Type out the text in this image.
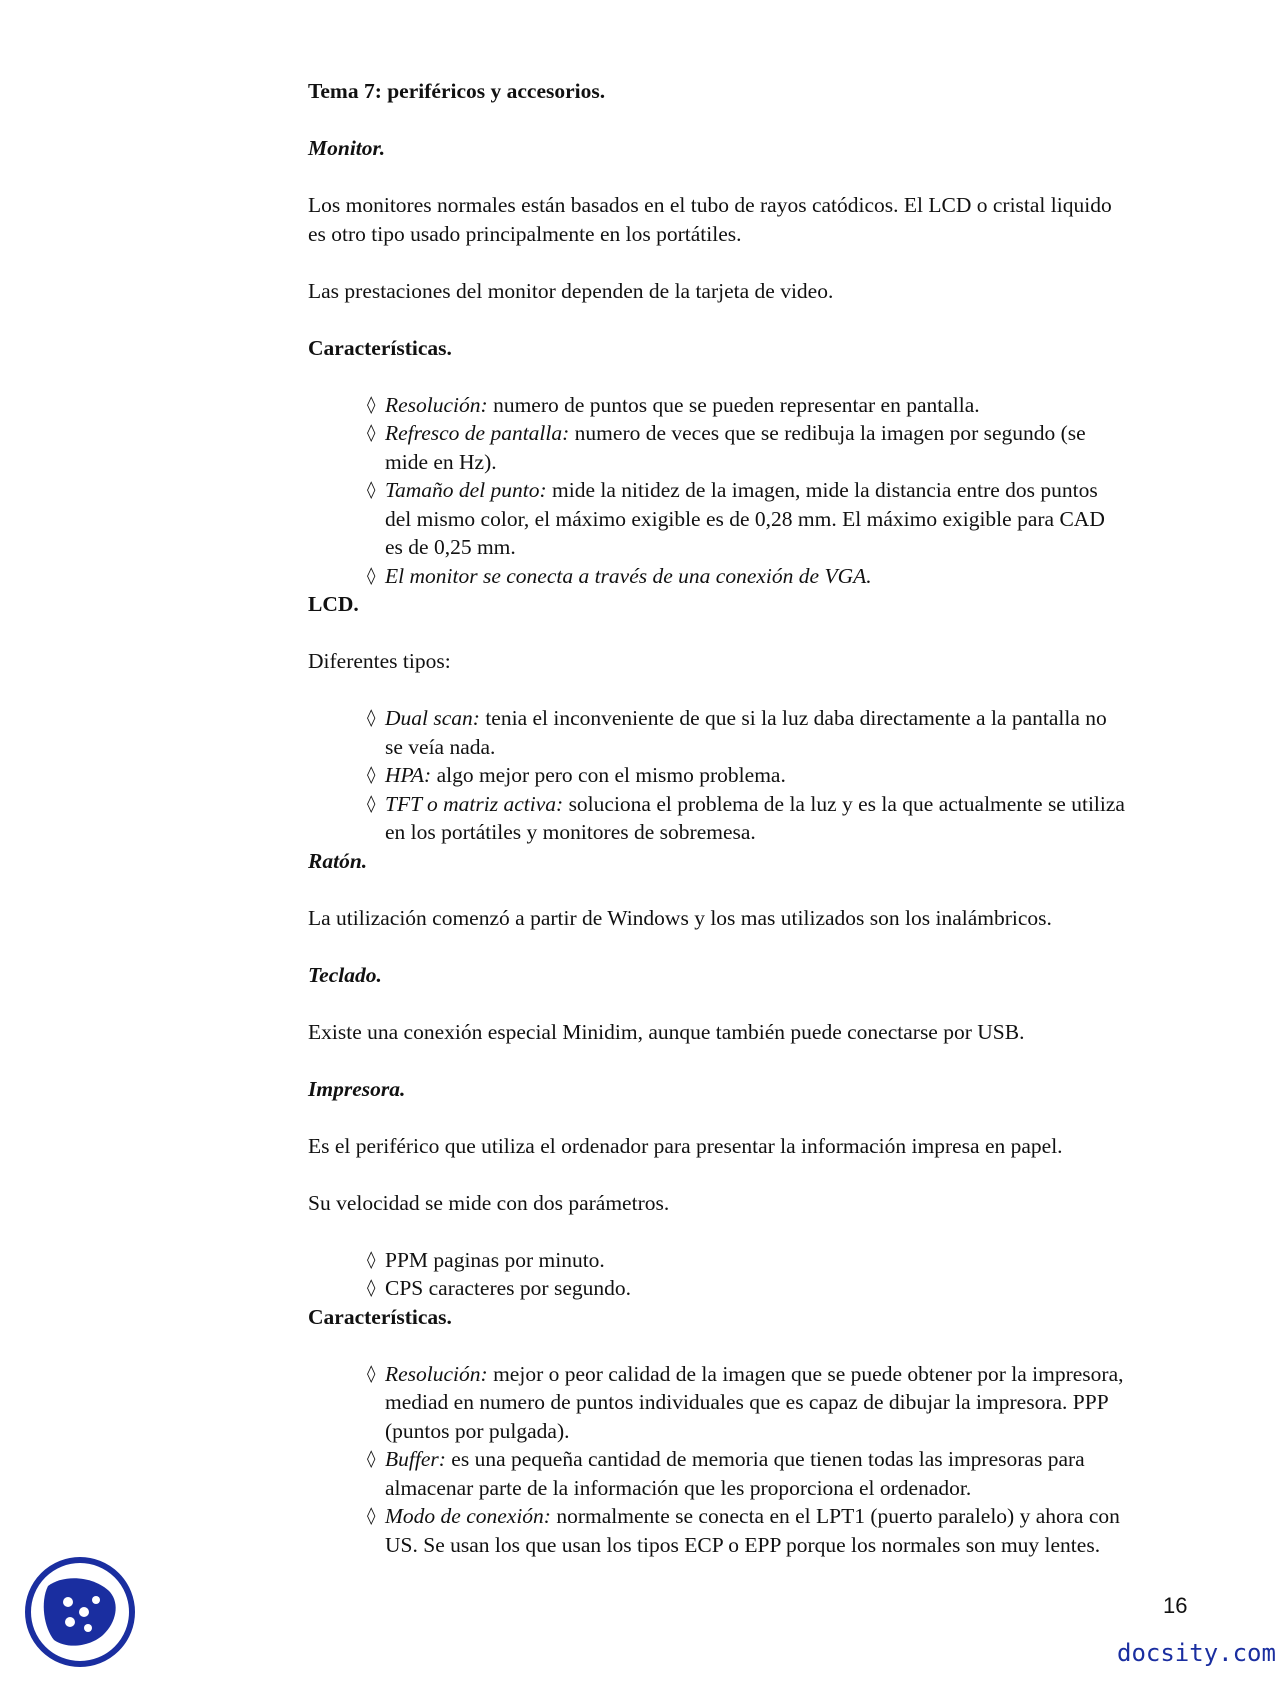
Tema 7: periféricos y accesorios.

Monitor.

Los monitores normales están basados en el tubo de rayos catódicos. El LCD o cristal liquido

es otro tipo usado principalmente en los portátiles.

Las prestaciones del monitor dependen de la tarjeta de video.

Características.

◊ Resolución: numero de puntos que se pueden representar en pantalla.

◊ Refresco de pantalla: numero de veces que se redibuja la imagen por segundo (se

mide en Hz).

◊ Tamaño del punto: mide la nitidez de la imagen, mide la distancia entre dos puntos

del mismo color, el máximo exigible es de 0,28 mm. El máximo exigible para CAD

es de 0,25 mm.

◊ El monitor se conecta a través de una conexión de VGA.

LCD.

Diferentes tipos:

◊ Dual scan: tenia el inconveniente de que si la luz daba directamente a la pantalla no

se veía nada.

◊ HPA: algo mejor pero con el mismo problema.

◊ TFT o matriz activa: soluciona el problema de la luz y es la que actualmente se utiliza

en los portátiles y monitores de sobremesa.

Ratón.

La utilización comenzó a partir de Windows y los mas utilizados son los inalámbricos.

Teclado.

Existe una conexión especial Minidim, aunque también puede conectarse por USB.

Impresora.

Es el periférico que utiliza el ordenador para presentar la información impresa en papel.

Su velocidad se mide con dos parámetros.

◊ PPM paginas por minuto.

◊ CPS caracteres por segundo.

Características.

◊ Resolución: mejor o peor calidad de la imagen que se puede obtener por la impresora,

mediad en numero de puntos individuales que es capaz de dibujar la impresora. PPP

(puntos por pulgada).

◊ Buffer: es una pequeña cantidad de memoria que tienen todas las impresoras para

almacenar parte de la información que les proporciona el ordenador.

◊ Modo de conexión: normalmente se conecta en el LPT1 (puerto paralelo) y ahora con

US. Se usan los que usan los tipos ECP o EPP porque los normales son muy lentes.

16
docsity.com
